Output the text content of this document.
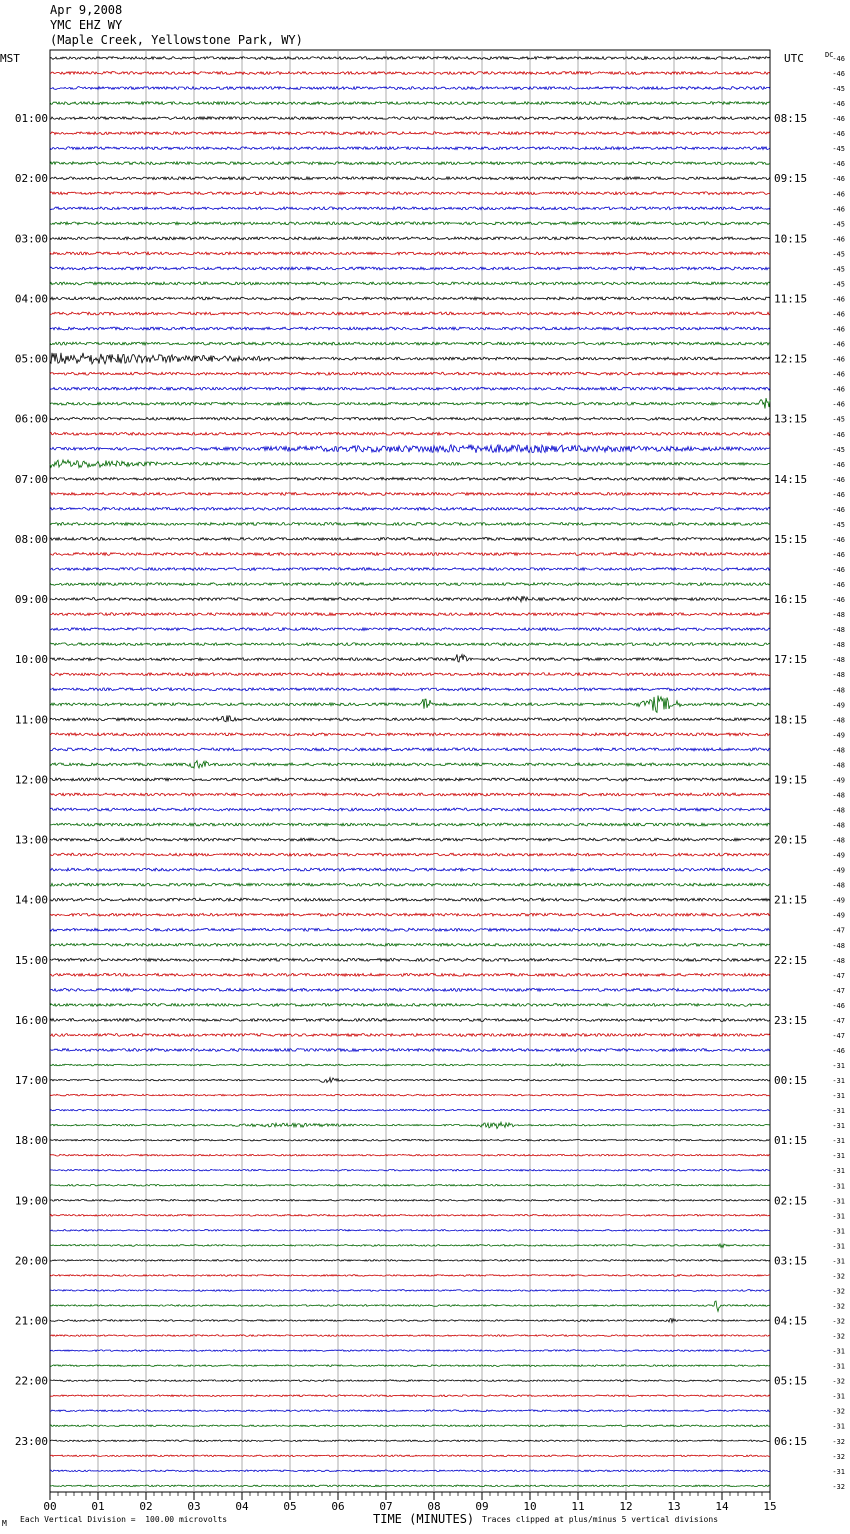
Apr 9,2008
YMC EHZ WY
(Maple Creek, Yellowstone Park, WY)
-46
-46
-45
-46
-46
-46
-45
-46
-46
-46
-46
-45
-46
-45
-45
-45
-46
-46
-46
-46
-46
-46
-46
-46
-45
-46
-45
-46
-46
-46
-46
-45
-46
-46
-46
-46
-46
-48
-48
-48
-48
-48
-48
-49
-48
-49
-48
-48
-49
-48
-48
-48
-48
-49
-49
-48
-49
-49
-47
-48
-48
-47
-47
-46
-47
-47
-46
-31
-31
-31
-31
-31
-31
-31
-31
-31
-31
-31
-31
-31
-31
-32
-32
-32
-32
-32
-31
-31
-32
-31
-32
-31
-32
-32
-31
-32
DC
MST	UTC
01:00
02:00
03:00
04:00
05:00
06:00
07:00
08:00
09:00
10:00
11:00
12:00
13:00
14:00
15:00
16:00
17:00
18:00
19:00
20:00
21:00
22:00
23:00
08:15
09:15
10:15
11:15
12:15
13:15
14:15
15:15
16:15
17:15
18:15
19:15
20:15
21:15
22:15
23:15
00:15
01:15
02:15
03:15
04:15
05:15
06:15
00	01	02	03	04	05	06	07	08	09	10	11	12	13	14	15
TIME (MINUTES)
M Each Vertical Division =  100.00 microvolts	Traces clipped at plus/minus 5 vertical divisions
